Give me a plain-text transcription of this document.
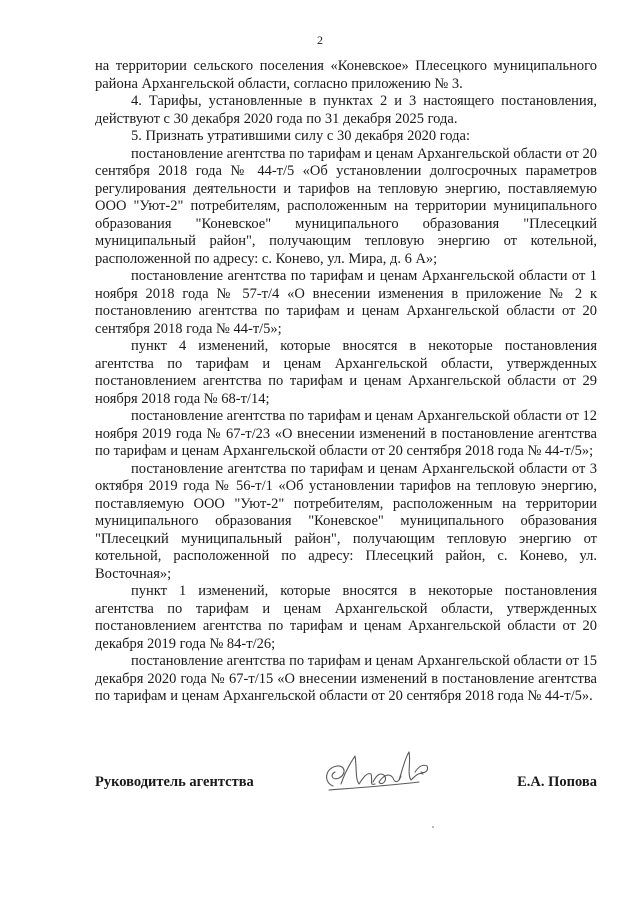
2

на территории сельского поселения «Коневское» Плесецкого муниципального района Архангельской области, согласно приложению № 3.

4. Тарифы, установленные в пунктах 2 и 3 настоящего постановления, действуют с 30 декабря 2020 года по 31 декабря 2025 года.

5. Признать утратившими силу с 30 декабря 2020 года:

постановление агентства по тарифам и ценам Архангельской области от 20 сентября 2018 года № 44-т/5 «Об установлении долгосрочных параметров регулирования деятельности и тарифов на тепловую энергию, поставляемую ООО "Уют-2" потребителям, расположенным на территории муниципального образования "Коневское" муниципального образования "Плесецкий муниципальный район", получающим тепловую энергию от котельной, расположенной по адресу: с. Конево, ул. Мира, д. 6 А»;

постановление агентства по тарифам и ценам Архангельской области от 1 ноября 2018 года № 57-т/4 «О внесении изменения в приложение № 2 к постановлению агентства по тарифам и ценам Архангельской области от 20 сентября 2018 года № 44-т/5»;

пункт 4 изменений, которые вносятся в некоторые постановления агентства по тарифам и ценам Архангельской области, утвержденных постановлением агентства по тарифам и ценам Архангельской области от 29 ноября 2018 года № 68-т/14;

постановление агентства по тарифам и ценам Архангельской области от 12 ноября 2019 года № 67-т/23 «О внесении изменений в постановление агентства по тарифам и ценам Архангельской области от 20 сентября 2018 года № 44-т/5»;

постановление агентства по тарифам и ценам Архангельской области от 3 октября 2019 года № 56-т/1 «Об установлении тарифов на тепловую энергию, поставляемую ООО "Уют-2" потребителям, расположенным на территории муниципального образования "Коневское" муниципального образования "Плесецкий муниципальный район", получающим тепловую энергию от котельной, расположенной по адресу: Плесецкий район, с. Конево, ул. Восточная»;

пункт 1 изменений, которые вносятся в некоторые постановления агентства по тарифам и ценам Архангельской области, утвержденных постановлением агентства по тарифам и ценам Архангельской области от 20 декабря 2019 года № 84-т/26;

постановление агентства по тарифам и ценам Архангельской области от 15 декабря 2020 года № 67-т/15 «О внесении изменений в постановление агентства по тарифам и ценам Архангельской области от 20 сентября 2018 года № 44-т/5».

Руководитель агентства	Е.А. Попова
